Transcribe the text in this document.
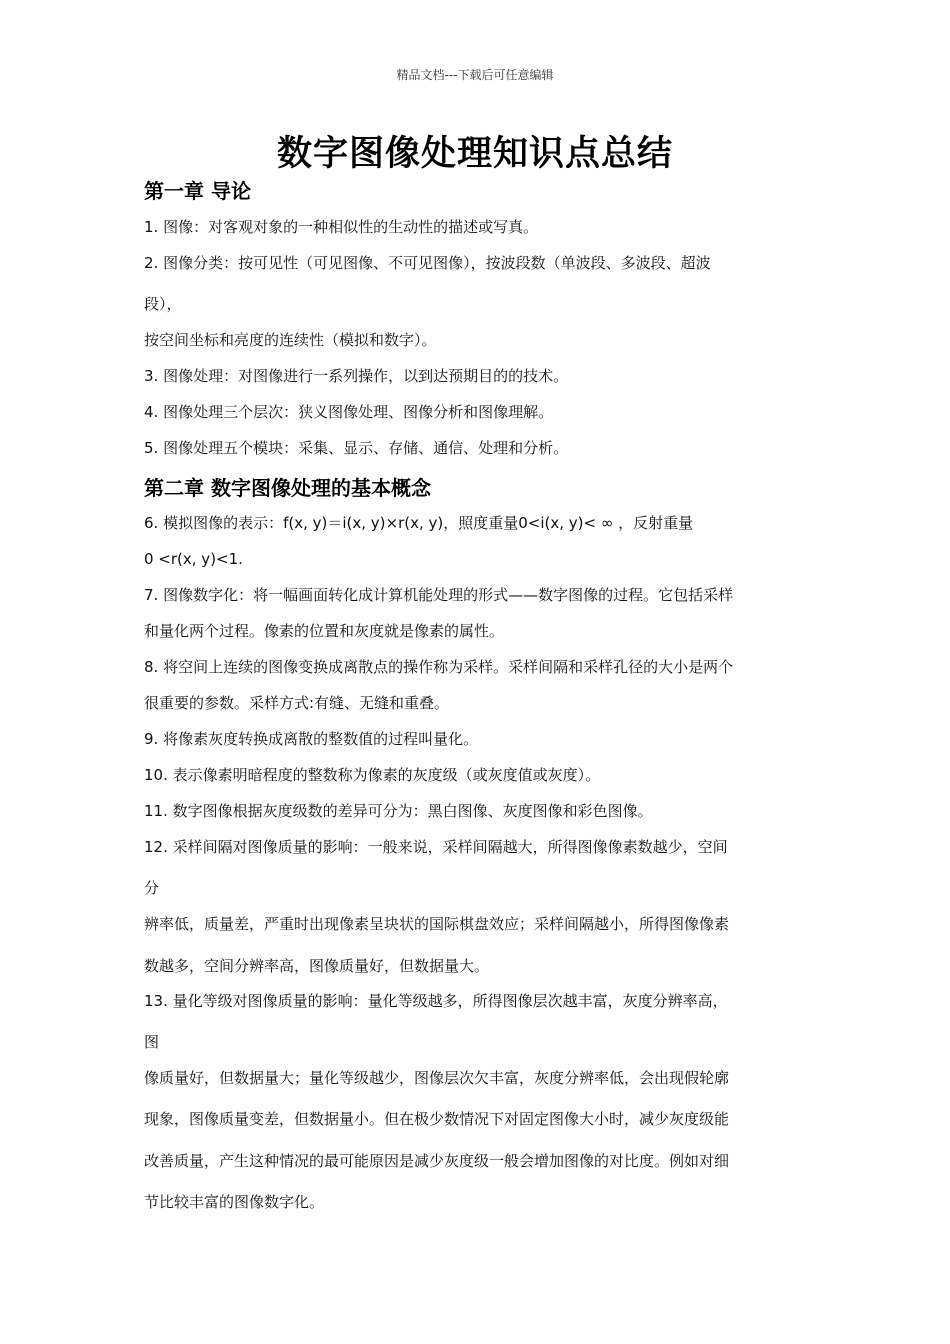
精品文档---下载后可任意编辑
数字图像处理知识点总结
第一章 导论
1. 图像：对客观对象的一种相似性的生动性的描述或写真。
2. 图像分类：按可见性（可见图像、不可见图像），按波段数（单波段、多波段、超波
段），
按空间坐标和亮度的连续性（模拟和数字）。
3. 图像处理：对图像进行一系列操作，以到达预期目的的技术。
4. 图像处理三个层次：狭义图像处理、图像分析和图像理解。
5. 图像处理五个模块：采集、显示、存储、通信、处理和分析。
第二章 数字图像处理的基本概念
6. 模拟图像的表示：f(x, y)＝i(x, y)×r(x, y)，照度重量0<i(x, y)< ∞ ，反射重量
0 <r(x, y)<1.
7. 图像数字化：将一幅画面转化成计算机能处理的形式——数字图像的过程。它包括采样
和量化两个过程。像素的位置和灰度就是像素的属性。
8. 将空间上连续的图像变换成离散点的操作称为采样。采样间隔和采样孔径的大小是两个
很重要的参数。采样方式:有缝、无缝和重叠。
9. 将像素灰度转换成离散的整数值的过程叫量化。
10. 表示像素明暗程度的整数称为像素的灰度级（或灰度值或灰度）。
11. 数字图像根据灰度级数的差异可分为：黑白图像、灰度图像和彩色图像。
12. 采样间隔对图像质量的影响：一般来说，采样间隔越大，所得图像像素数越少，空间
分
辨率低，质量差，严重时出现像素呈块状的国际棋盘效应；采样间隔越小，所得图像像素
数越多，空间分辨率高，图像质量好，但数据量大。
13. 量化等级对图像质量的影响：量化等级越多，所得图像层次越丰富，灰度分辨率高，
图
像质量好，但数据量大；量化等级越少，图像层次欠丰富，灰度分辨率低，会出现假轮廓
现象，图像质量变差，但数据量小。但在极少数情况下对固定图像大小时，减少灰度级能
改善质量，产生这种情况的最可能原因是减少灰度级一般会增加图像的对比度。例如对细
节比较丰富的图像数字化。
